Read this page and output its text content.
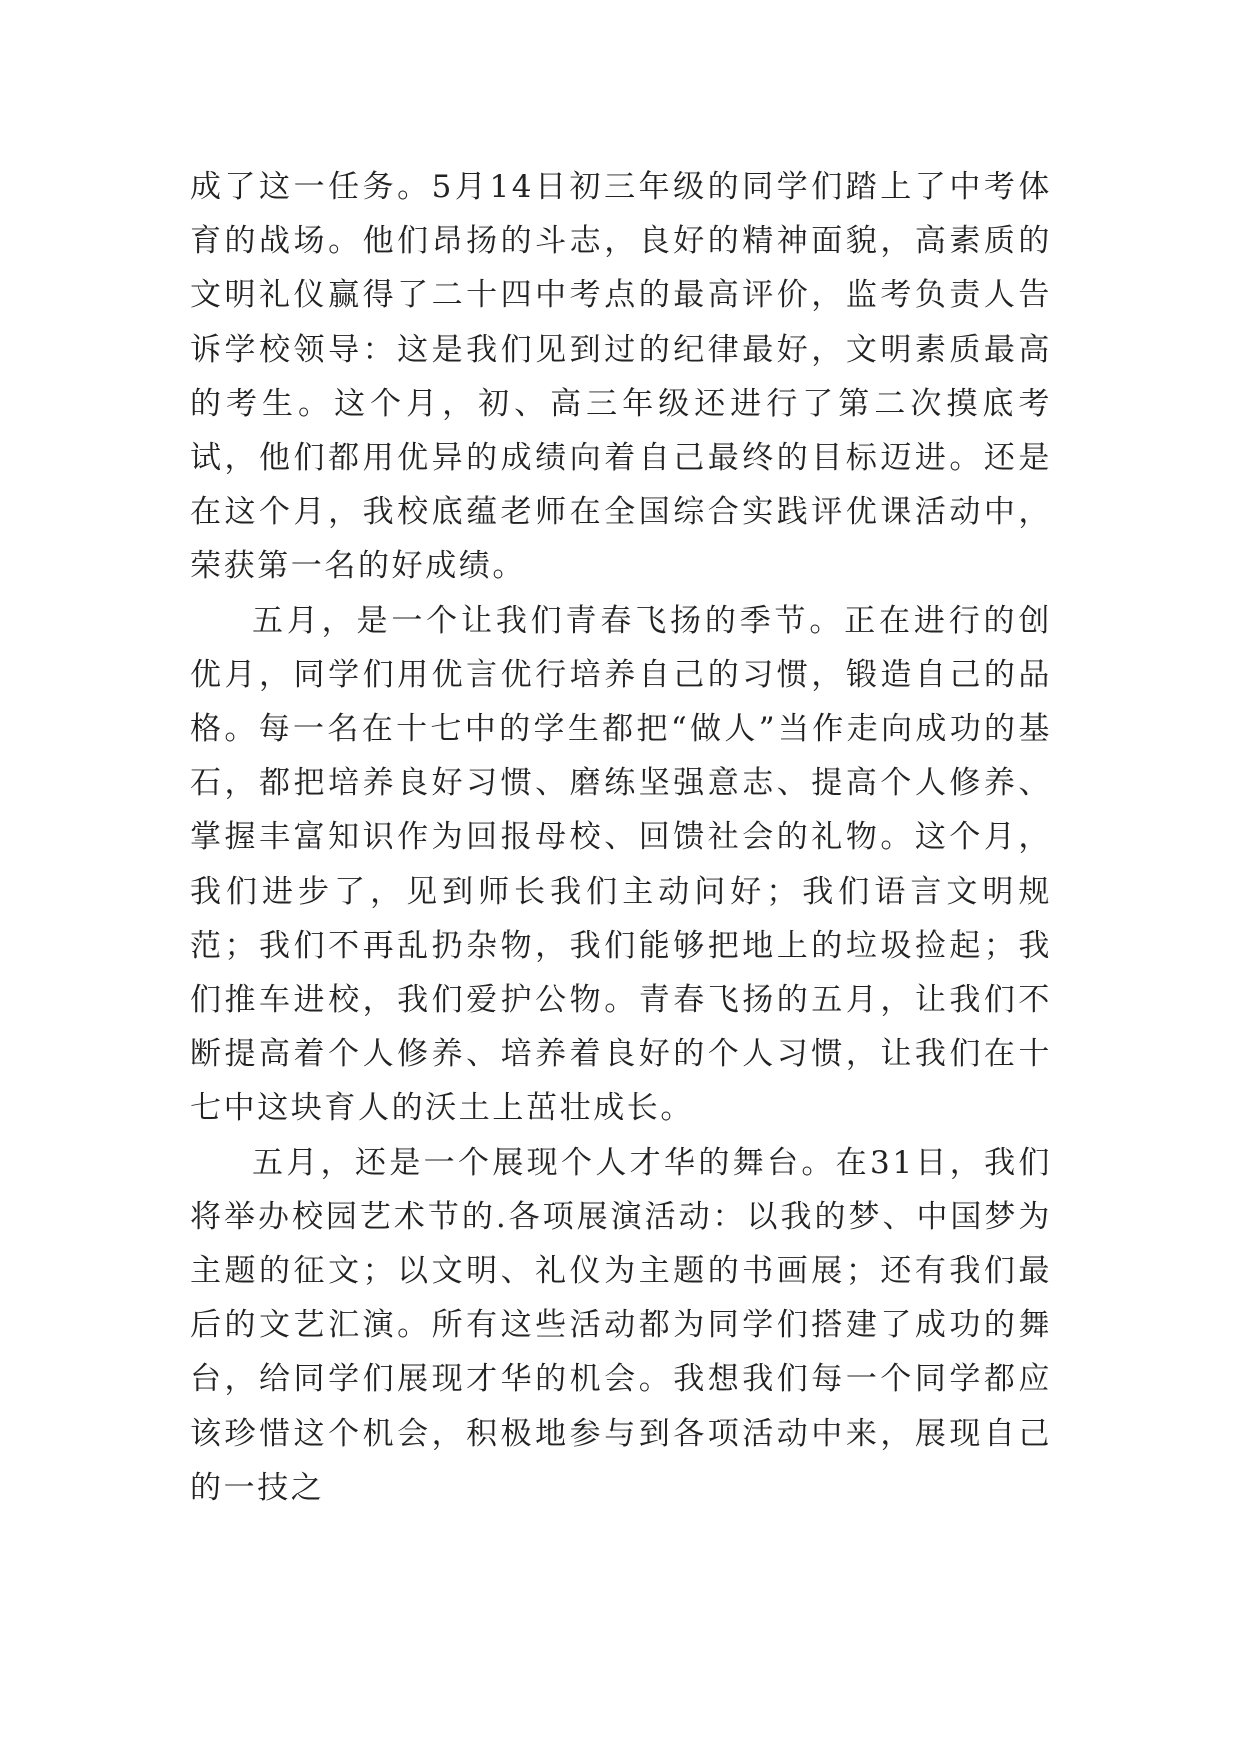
成了这一任务。5月14日初三年级的同学们踏上了中考体育的战场。他们昂扬的斗志，良好的精神面貌，高素质的文明礼仪赢得了二十四中考点的最高评价，监考负责人告诉学校领导：这是我们见到过的纪律最好，文明素质最高的考生。这个月，初、高三年级还进行了第二次摸底考试，他们都用优异的成绩向着自己最终的目标迈进。还是在这个月，我校底蕴老师在全国综合实践评优课活动中，荣获第一名的好成绩。

五月，是一个让我们青春飞扬的季节。正在进行的创优月，同学们用优言优行培养自己的习惯，锻造自己的品格。每一名在十七中的学生都把“做人”当作走向成功的基石，都把培养良好习惯、磨练坚强意志、提高个人修养、掌握丰富知识作为回报母校、回馈社会的礼物。这个月，我们进步了，见到师长我们主动问好；我们语言文明规范；我们不再乱扔杂物，我们能够把地上的垃圾捡起；我们推车进校，我们爱护公物。青春飞扬的五月，让我们不断提高着个人修养、培养着良好的个人习惯，让我们在十七中这块育人的沃土上茁壮成长。

五月，还是一个展现个人才华的舞台。在31日，我们将举办校园艺术节的.各项展演活动：以我的梦、中国梦为主题的征文；以文明、礼仪为主题的书画展；还有我们最后的文艺汇演。所有这些活动都为同学们搭建了成功的舞台，给同学们展现才华的机会。我想我们每一个同学都应该珍惜这个机会，积极地参与到各项活动中来，展现自己的一技之
